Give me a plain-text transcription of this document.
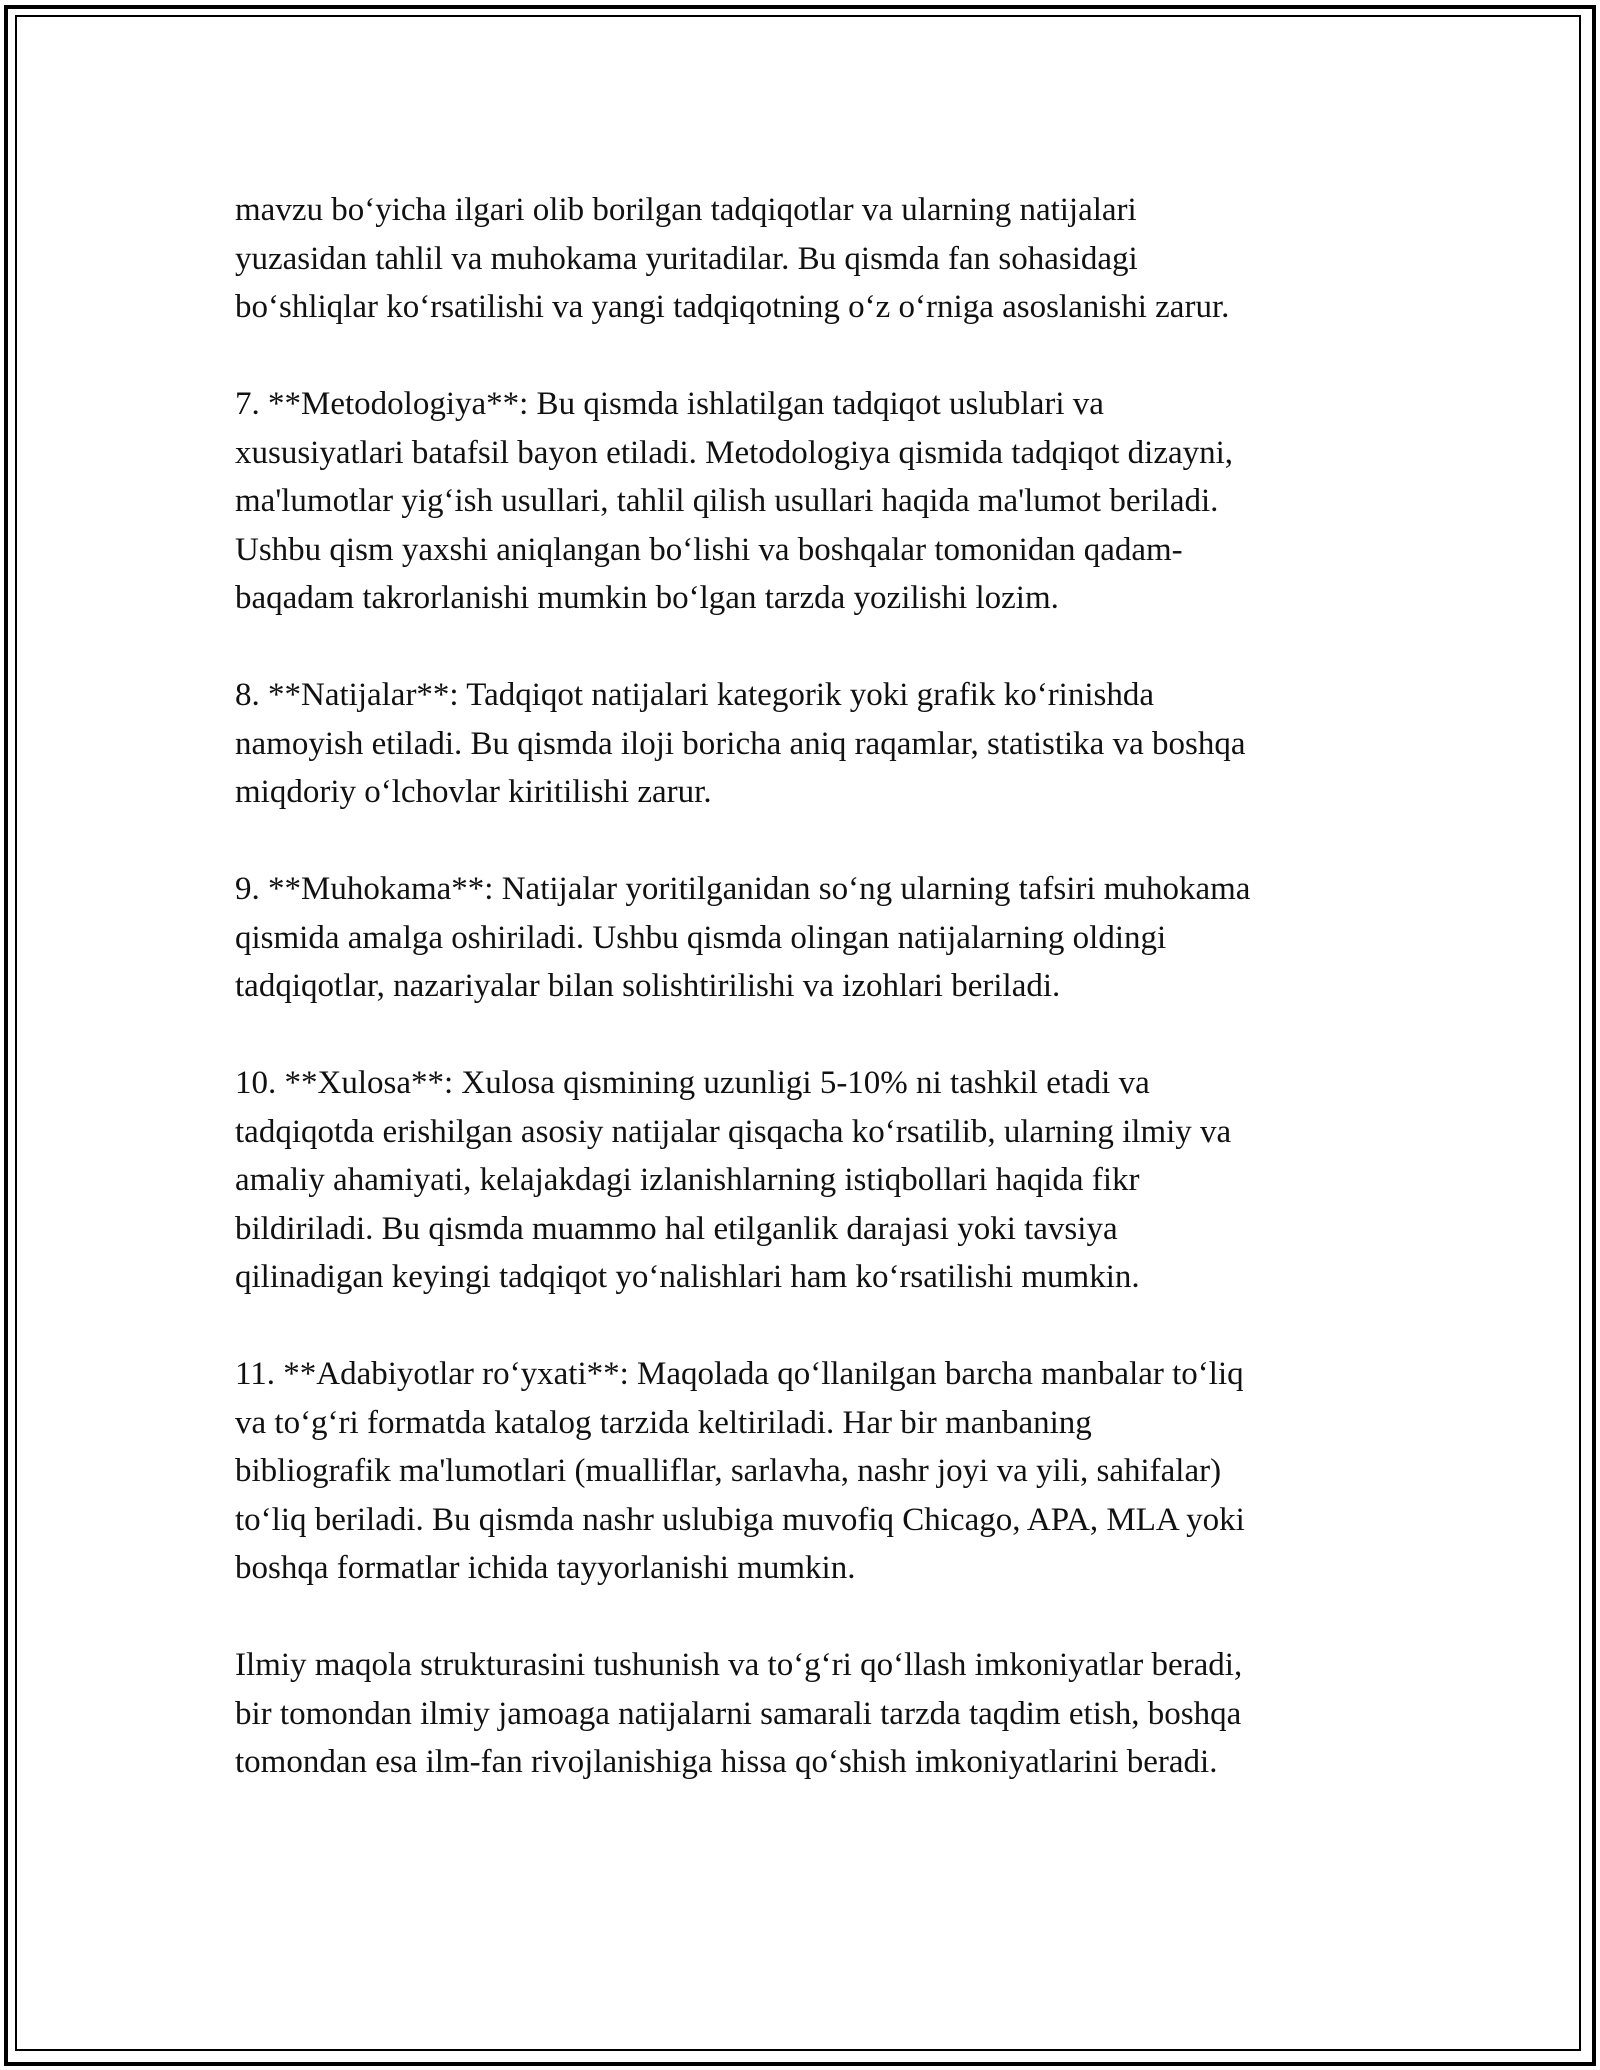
mavzu bo‘yicha ilgari olib borilgan tadqiqotlar va ularning natijalari
yuzasidan tahlil va muhokama yuritadilar. Bu qismda fan sohasidagi
bo‘shliqlar ko‘rsatilishi va yangi tadqiqotning o‘z o‘rniga asoslanishi zarur.
7. **Metodologiya**: Bu qismda ishlatilgan tadqiqot uslublari va
xususiyatlari batafsil bayon etiladi. Metodologiya qismida tadqiqot dizayni,
ma'lumotlar yig‘ish usullari, tahlil qilish usullari haqida ma'lumot beriladi.
Ushbu qism yaxshi aniqlangan bo‘lishi va boshqalar tomonidan qadam-
baqadam takrorlanishi mumkin bo‘lgan tarzda yozilishi lozim.
8. **Natijalar**: Tadqiqot natijalari kategorik yoki grafik ko‘rinishda
namoyish etiladi. Bu qismda iloji boricha aniq raqamlar, statistika va boshqa
miqdoriy o‘lchovlar kiritilishi zarur.
9. **Muhokama**: Natijalar yoritilganidan so‘ng ularning tafsiri muhokama
qismida amalga oshiriladi. Ushbu qismda olingan natijalarning oldingi
tadqiqotlar, nazariyalar bilan solishtirilishi va izohlari beriladi.
10. **Xulosa**: Xulosa qismining uzunligi 5-10% ni tashkil etadi va
tadqiqotda erishilgan asosiy natijalar qisqacha ko‘rsatilib, ularning ilmiy va
amaliy ahamiyati, kelajakdagi izlanishlarning istiqbollari haqida fikr
bildiriladi. Bu qismda muammo hal etilganlik darajasi yoki tavsiya
qilinadigan keyingi tadqiqot yo‘nalishlari ham ko‘rsatilishi mumkin.
11. **Adabiyotlar ro‘yxati**: Maqolada qo‘llanilgan barcha manbalar to‘liq
va to‘g‘ri formatda katalog tarzida keltiriladi. Har bir manbaning
bibliografik ma'lumotlari (mualliflar, sarlavha, nashr joyi va yili, sahifalar)
to‘liq beriladi. Bu qismda nashr uslubiga muvofiq Chicago, APA, MLA yoki
boshqa formatlar ichida tayyorlanishi mumkin.
Ilmiy maqola strukturasini tushunish va to‘g‘ri qo‘llash imkoniyatlar beradi,
bir tomondan ilmiy jamoaga natijalarni samarali tarzda taqdim etish, boshqa
tomondan esa ilm-fan rivojlanishiga hissa qo‘shish imkoniyatlarini beradi.
